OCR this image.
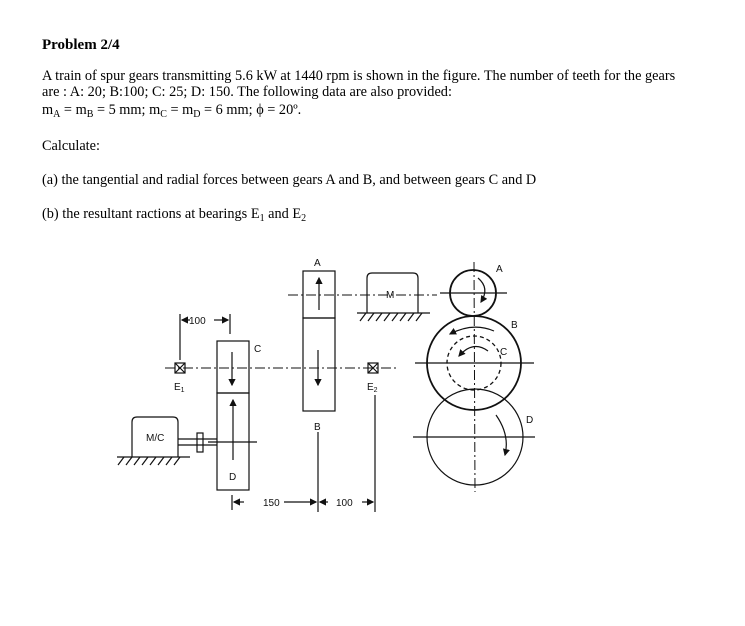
Problem 2/4
A train of spur gears transmitting 5.6 kW at 1440 rpm is shown in the figure. The number of teeth for the gears
are : A: 20; B:100; C: 25; D: 150. The following data are also provided:
$m_A = m_B = 5$ mm; $m_C = m_D = 6$ mm; ϕ = 20º.
Calculate:
(a) the tangential and radial forces between gears A and B, and between gears C and D
(b) the resultant ractions at bearings $E_1$ and $E_2$
A
B
M
C
D
$E_1$	$E_2$
M/C
100
150	100
A
B
C
D
